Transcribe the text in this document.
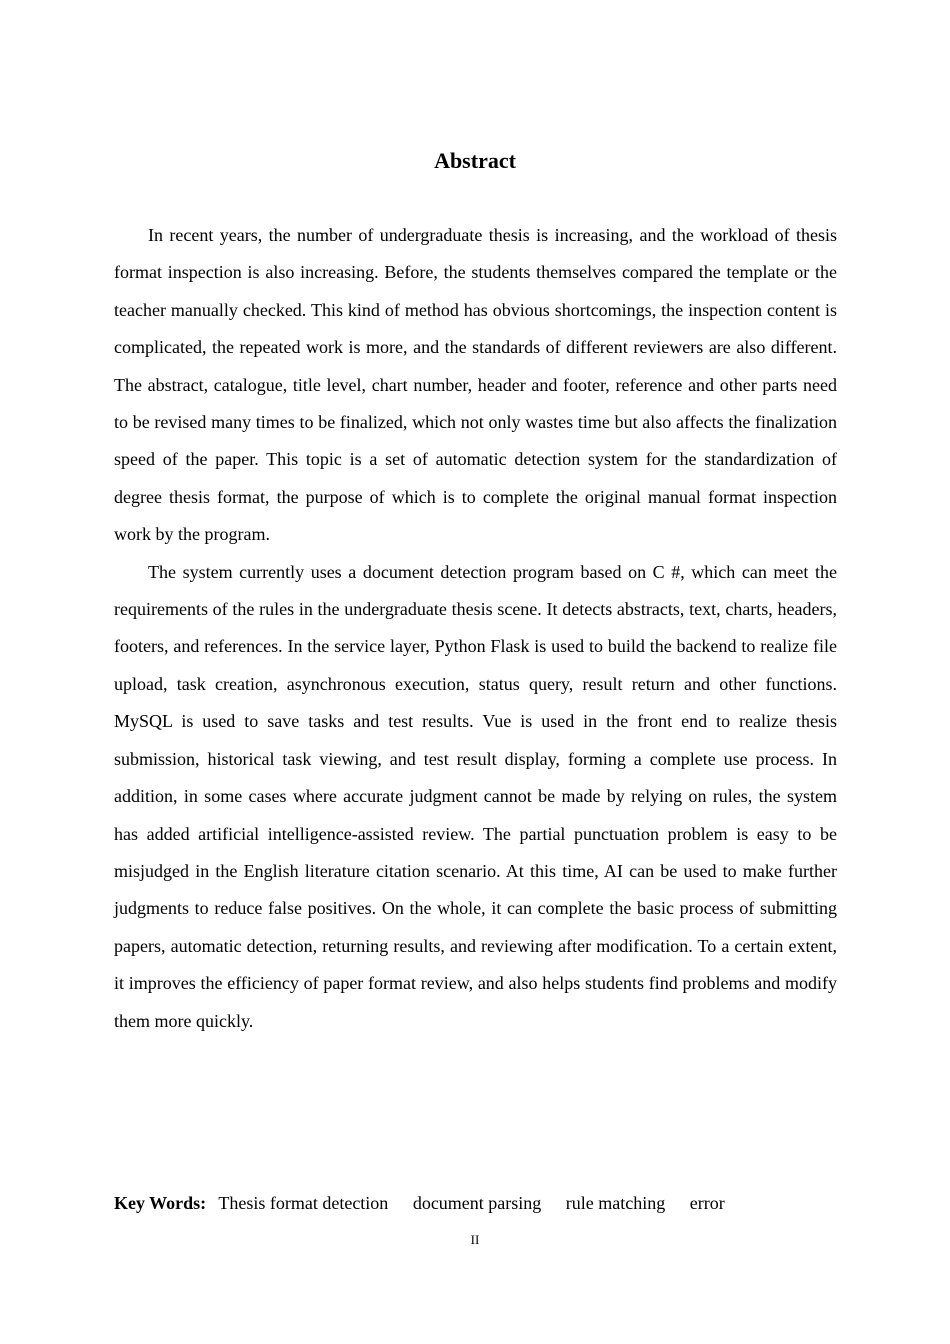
Abstract

In recent years, the number of undergraduate thesis is increasing, and the workload of thesis format inspection is also increasing. Before, the students themselves compared the template or the teacher manually checked. This kind of method has obvious shortcomings, the inspection content is complicated, the repeated work is more, and the standards of different reviewers are also different. The abstract, catalogue, title level, chart number, header and footer, reference and other parts need to be revised many times to be finalized, which not only wastes time but also affects the finalization speed of the paper. This topic is a set of automatic detection system for the standardization of degree thesis format, the purpose of which is to complete the original manual format inspection work by the program.

The system currently uses a document detection program based on C #, which can meet the requirements of the rules in the undergraduate thesis scene. It detects abstracts, text, charts, headers, footers, and references. In the service layer, Python Flask is used to build the backend to realize file upload, task creation, asynchronous execution, status query, result return and other functions. MySQL is used to save tasks and test results. Vue is used in the front end to realize thesis submission, historical task viewing, and test result display, forming a complete use process. In addition, in some cases where accurate judgment cannot be made by relying on rules, the system has added artificial intelligence-assisted review. The partial punctuation problem is easy to be misjudged in the English literature citation scenario. At this time, AI can be used to make further judgments to reduce false positives. On the whole, it can complete the basic process of submitting papers, automatic detection, returning results, and reviewing after modification. To a certain extent, it improves the efficiency of paper format review, and also helps students find problems and modify them more quickly.

Key Words: Thesis format detection document parsing rule matching error
II
